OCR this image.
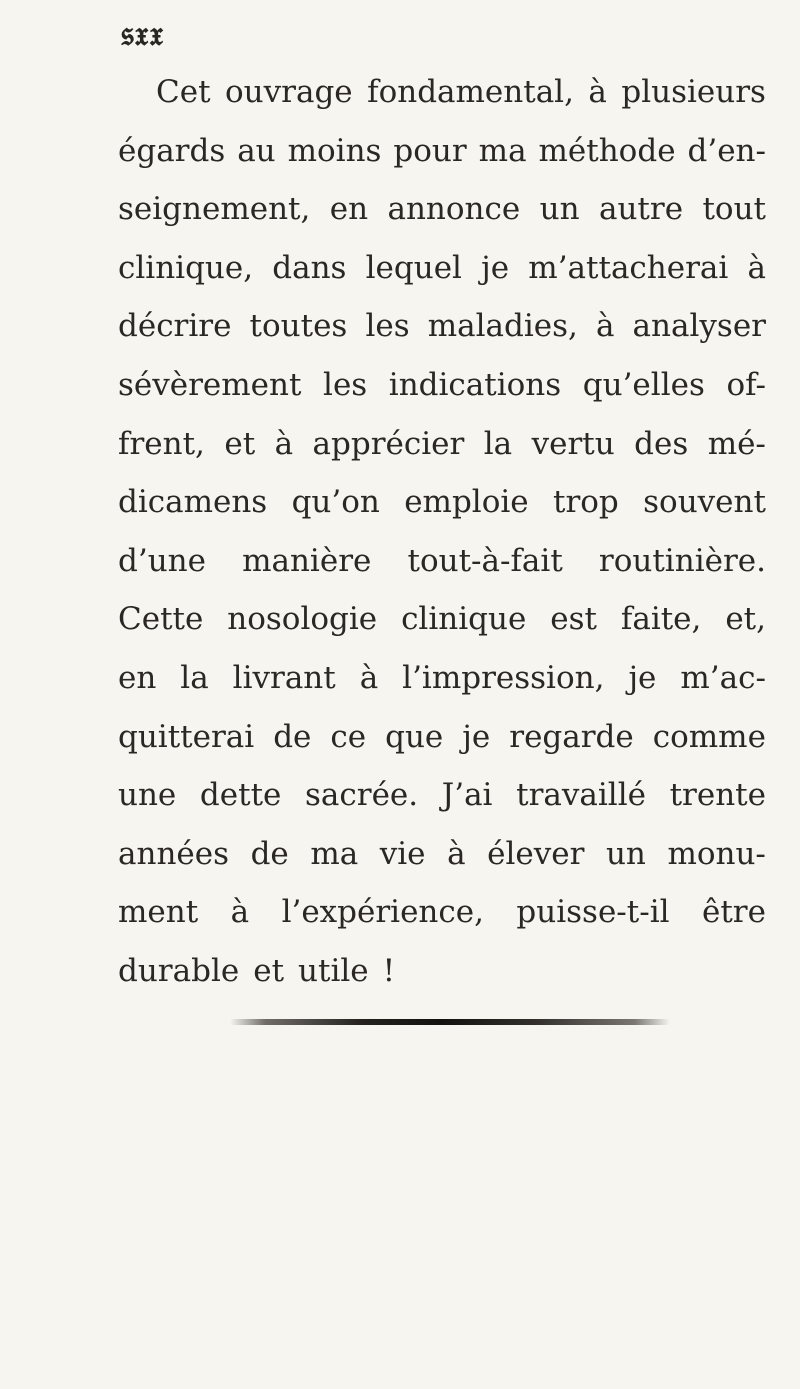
𝔰𝔵𝔵
Cet ouvrage fondamental, à plusieurs
égards au moins pour ma méthode d’en-
seignement, en annonce un autre tout
clinique, dans lequel je m’attacherai à
décrire toutes les maladies, à analyser
sévèrement les indications qu’elles of-
frent, et à apprécier la vertu des mé-
dicamens qu’on emploie trop souvent
d’une manière tout-à-fait routinière.
Cette nosologie clinique est faite, et,
en la livrant à l’impression, je m’ac-
quitterai de ce que je regarde comme
une dette sacrée. J’ai travaillé trente
années de ma vie à élever un monu-
ment à l’expérience, puisse-t-il être
durable et utile !
